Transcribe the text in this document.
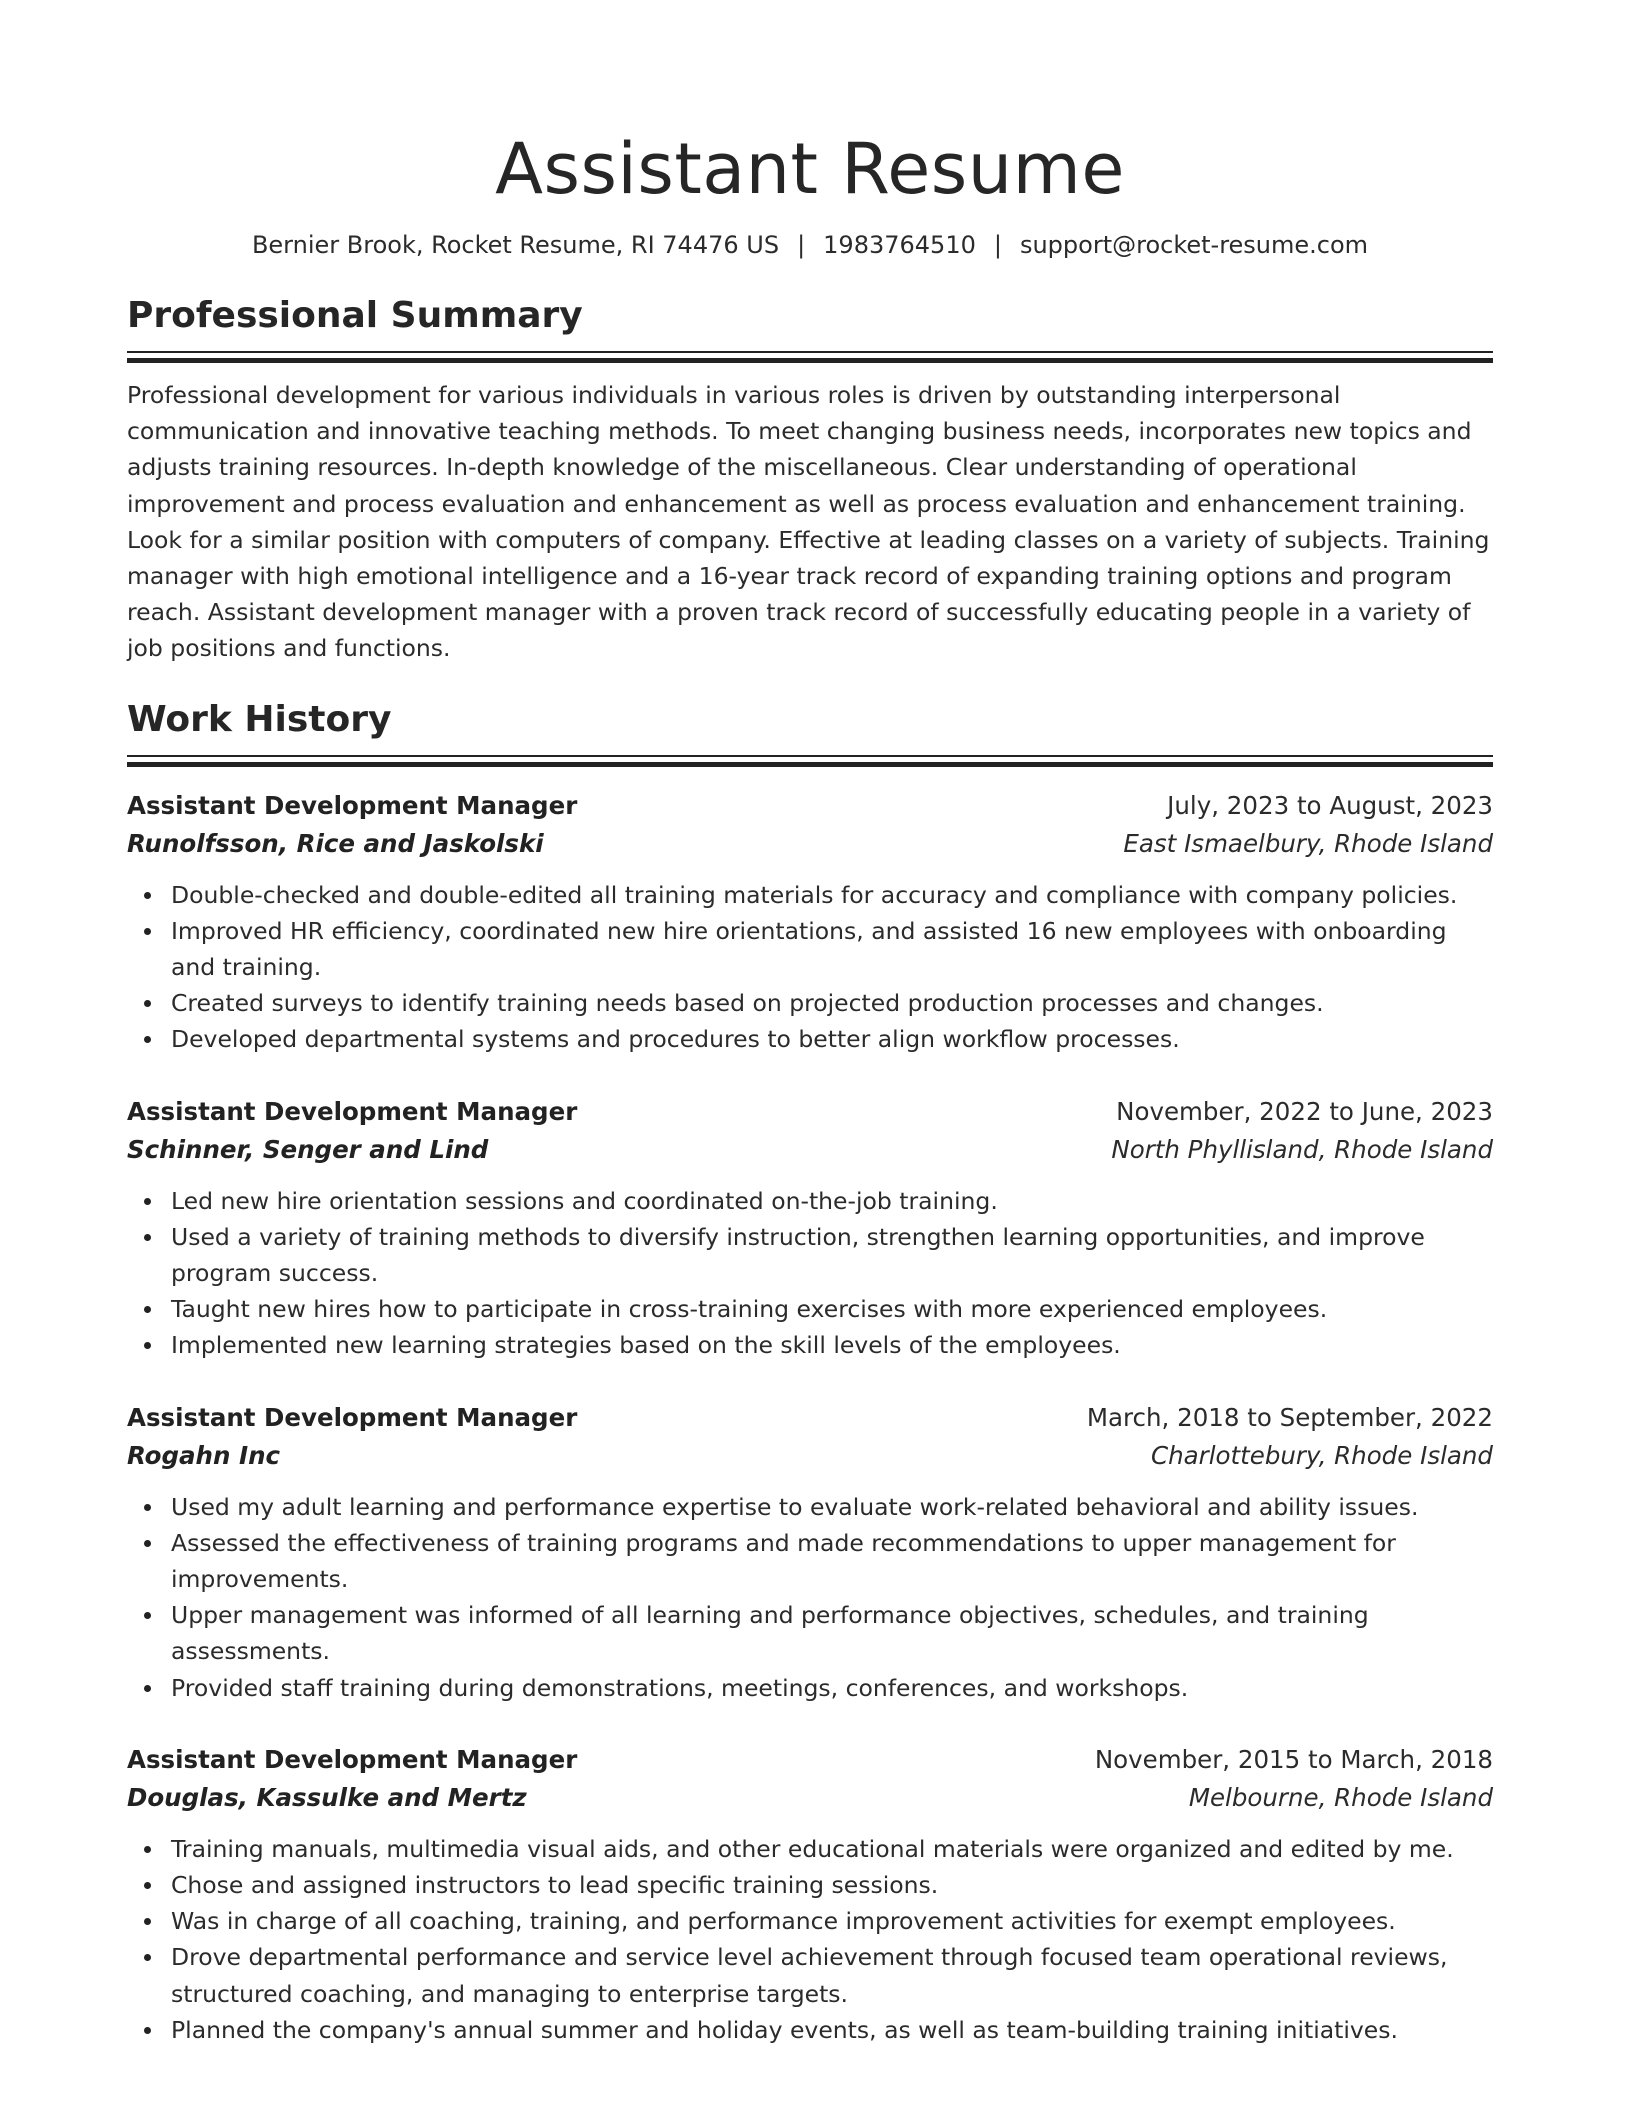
Assistant Resume
Bernier Brook, Rocket Resume, RI 74476 US | 1983764510 | support@rocket-resume.com
Professional Summary

Professional development for various individuals in various roles is driven by outstanding interpersonal communication and innovative teaching methods. To meet changing business needs, incorporates new topics and adjusts training resources. In-depth knowledge of the miscellaneous. Clear understanding of operational improvement and process evaluation and enhancement as well as process evaluation and enhancement training. Look for a similar position with computers of company. Effective at leading classes on a variety of subjects. Training manager with high emotional intelligence and a 16-year track record of expanding training options and program reach. Assistant development manager with a proven track record of successfully educating people in a variety of job positions and functions.

Work History
Assistant Development Manager	July, 2023 to August, 2023
Runolfsson, Rice and Jaskolski	East Ismaelbury, Rhode Island
Double-checked and double-edited all training materials for accuracy and compliance with company policies.
Improved HR efficiency, coordinated new hire orientations, and assisted 16 new employees with onboarding and training.
Created surveys to identify training needs based on projected production processes and changes.
Developed departmental systems and procedures to better align workflow processes.
Assistant Development Manager	November, 2022 to June, 2023
Schinner, Senger and Lind	North Phyllisland, Rhode Island
Led new hire orientation sessions and coordinated on-the-job training.
Used a variety of training methods to diversify instruction, strengthen learning opportunities, and improve program success.
Taught new hires how to participate in cross-training exercises with more experienced employees.
Implemented new learning strategies based on the skill levels of the employees.
Assistant Development Manager	March, 2018 to September, 2022
Rogahn Inc	Charlottebury, Rhode Island
Used my adult learning and performance expertise to evaluate work-related behavioral and ability issues.
Assessed the effectiveness of training programs and made recommendations to upper management for improvements.
Upper management was informed of all learning and performance objectives, schedules, and training assessments.
Provided staff training during demonstrations, meetings, conferences, and workshops.
Assistant Development Manager	November, 2015 to March, 2018
Douglas, Kassulke and Mertz	Melbourne, Rhode Island
Training manuals, multimedia visual aids, and other educational materials were organized and edited by me.
Chose and assigned instructors to lead specific training sessions.
Was in charge of all coaching, training, and performance improvement activities for exempt employees.
Drove departmental performance and service level achievement through focused team operational reviews, structured coaching, and managing to enterprise targets.
Planned the company's annual summer and holiday events, as well as team-building training initiatives.
